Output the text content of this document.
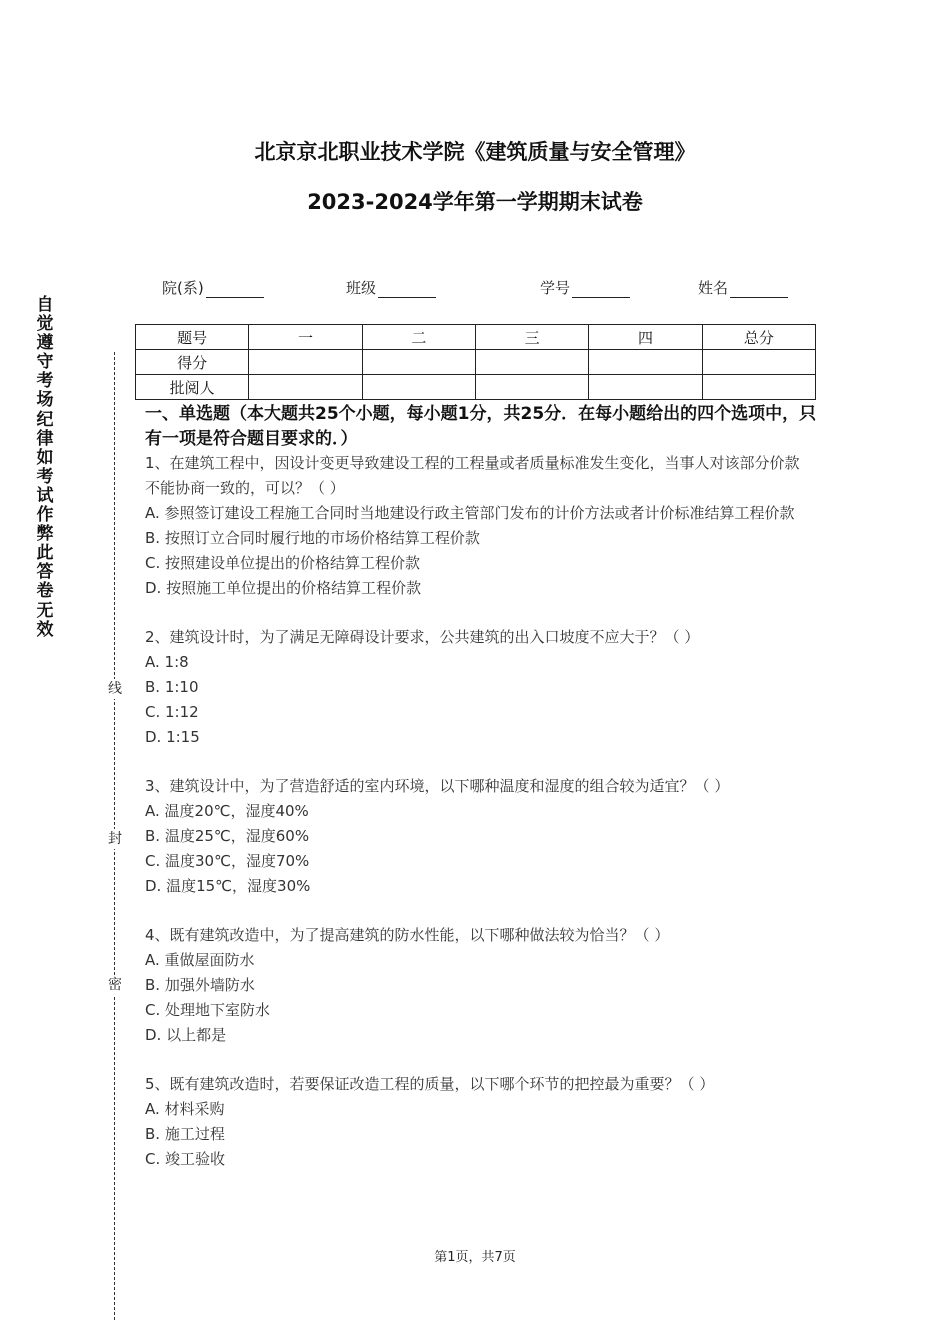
北京京北职业技术学院《建筑质量与安全管理》
2023-2024学年第一学期期末试卷
自
觉
遵
守
考
场
纪
律
如
考
试
作
弊
此
答
卷
无
效
线
封
密
院(系)	班级	学号	姓名
题号	一	二	三	四	总分
得分					
批阅人					
一、单选题（本大题共25个小题，每小题1分，共25分．在每小题给出的四个选项中，只有一项是符合题目要求的．）

1、在建筑工程中，因设计变更导致建设工程的工程量或者质量标准发生变化，当事人对该部分价款不能协商一致的，可以？（ ）

A. 参照签订建设工程施工合同时当地建设行政主管部门发布的计价方法或者计价标准结算工程价款

B. 按照订立合同时履行地的市场价格结算工程价款

C. 按照建设单位提出的价格结算工程价款

D. 按照施工单位提出的价格结算工程价款

2、建筑设计时，为了满足无障碍设计要求，公共建筑的出入口坡度不应大于？（ ）

A. 1:8

B. 1:10

C. 1:12

D. 1:15

3、建筑设计中，为了营造舒适的室内环境，以下哪种温度和湿度的组合较为适宜？（ ）

A. 温度20℃，湿度40%

B. 温度25℃，湿度60%

C. 温度30℃，湿度70%

D. 温度15℃，湿度30%

4、既有建筑改造中，为了提高建筑的防水性能，以下哪种做法较为恰当？（ ）

A. 重做屋面防水

B. 加强外墙防水

C. 处理地下室防水

D. 以上都是

5、既有建筑改造时，若要保证改造工程的质量，以下哪个环节的把控最为重要？（ ）

A. 材料采购

B. 施工过程

C. 竣工验收

第1页，共7页
